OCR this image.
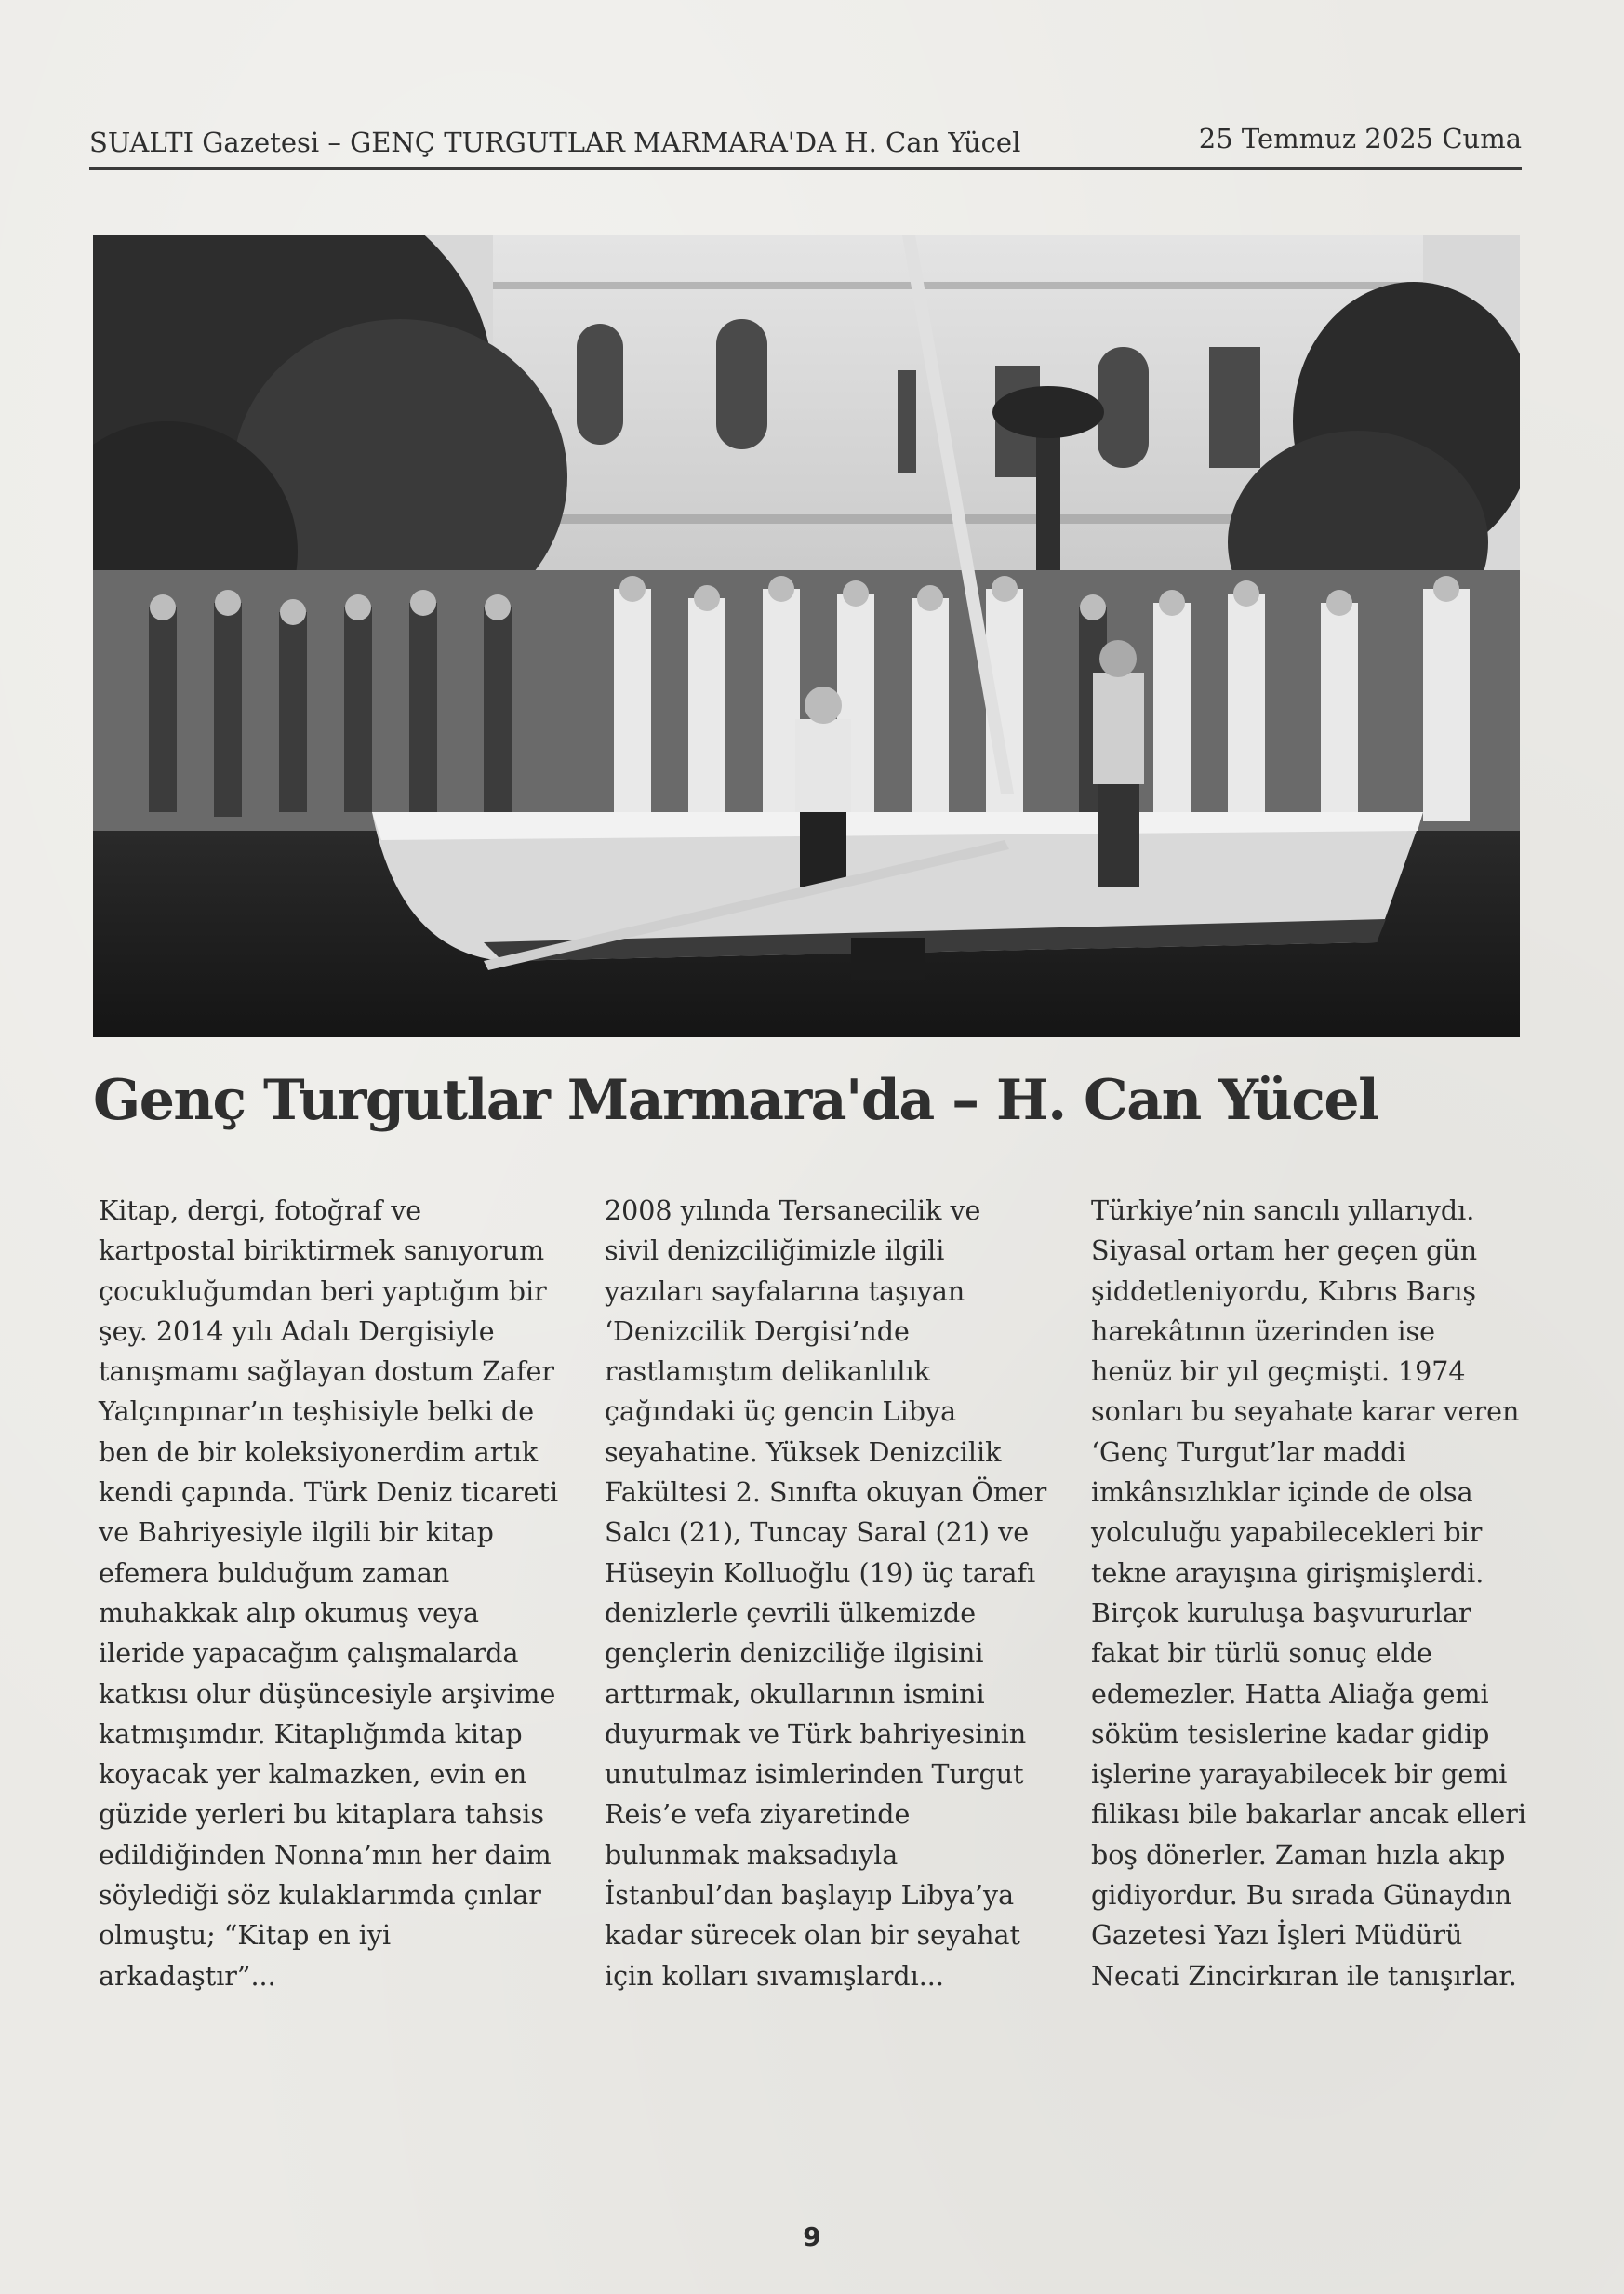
SUALTI Gazetesi – GENÇ TURGUTLAR MARMARA'DA H. Can Yücel	25 Temmuz 2025 Cuma
Genç Turgutlar Marmara'da – H. Can Yücel
Kitap, dergi, fotoğraf ve
kartpostal biriktirmek sanıyorum
çocukluğumdan beri yaptığım bir
şey. 2014 yılı Adalı Dergisiyle
tanışmamı sağlayan dostum Zafer
Yalçınpınar’ın teşhisiyle belki de
ben de bir koleksiyonerdim artık
kendi çapında. Türk Deniz ticareti
ve Bahriyesiyle ilgili bir kitap
efemera bulduğum zaman
muhakkak alıp okumuş veya
ileride yapacağım çalışmalarda
katkısı olur düşüncesiyle arşivime
katmışımdır. Kitaplığımda kitap
koyacak yer kalmazken, evin en
güzide yerleri bu kitaplara tahsis
edildiğinden Nonna’mın her daim
söylediği söz kulaklarımda çınlar
olmuştu; “Kitap en iyi
arkadaştır”...
2008 yılında Tersanecilik ve
sivil denizciliğimizle ilgili
yazıları sayfalarına taşıyan
‘Denizcilik Dergisi’nde
rastlamıştım delikanlılık
çağındaki üç gencin Libya
seyahatine. Yüksek Denizcilik
Fakültesi 2. Sınıfta okuyan Ömer
Salcı (21), Tuncay Saral (21) ve
Hüseyin Kolluoğlu (19) üç tarafı
denizlerle çevrili ülkemizde
gençlerin denizciliğe ilgisini
arttırmak, okullarının ismini
duyurmak ve Türk bahriyesinin
unutulmaz isimlerinden Turgut
Reis’e vefa ziyaretinde
bulunmak maksadıyla
İstanbul’dan başlayıp Libya’ya
kadar sürecek olan bir seyahat
için kolları sıvamışlardı...
Türkiye’nin sancılı yıllarıydı.
Siyasal ortam her geçen gün
şiddetleniyordu, Kıbrıs Barış
harekâtının üzerinden ise
henüz bir yıl geçmişti. 1974
sonları bu seyahate karar veren
‘Genç Turgut’lar maddi
imkânsızlıklar içinde de olsa
yolculuğu yapabilecekleri bir
tekne arayışına girişmişlerdi.
Birçok kuruluşa başvururlar
fakat bir türlü sonuç elde
edemezler. Hatta Aliağa gemi
söküm tesislerine kadar gidip
işlerine yarayabilecek bir gemi
filikası bile bakarlar ancak elleri
boş dönerler. Zaman hızla akıp
gidiyordur. Bu sırada Günaydın
Gazetesi Yazı İşleri Müdürü
Necati Zincirkıran ile tanışırlar.
9
